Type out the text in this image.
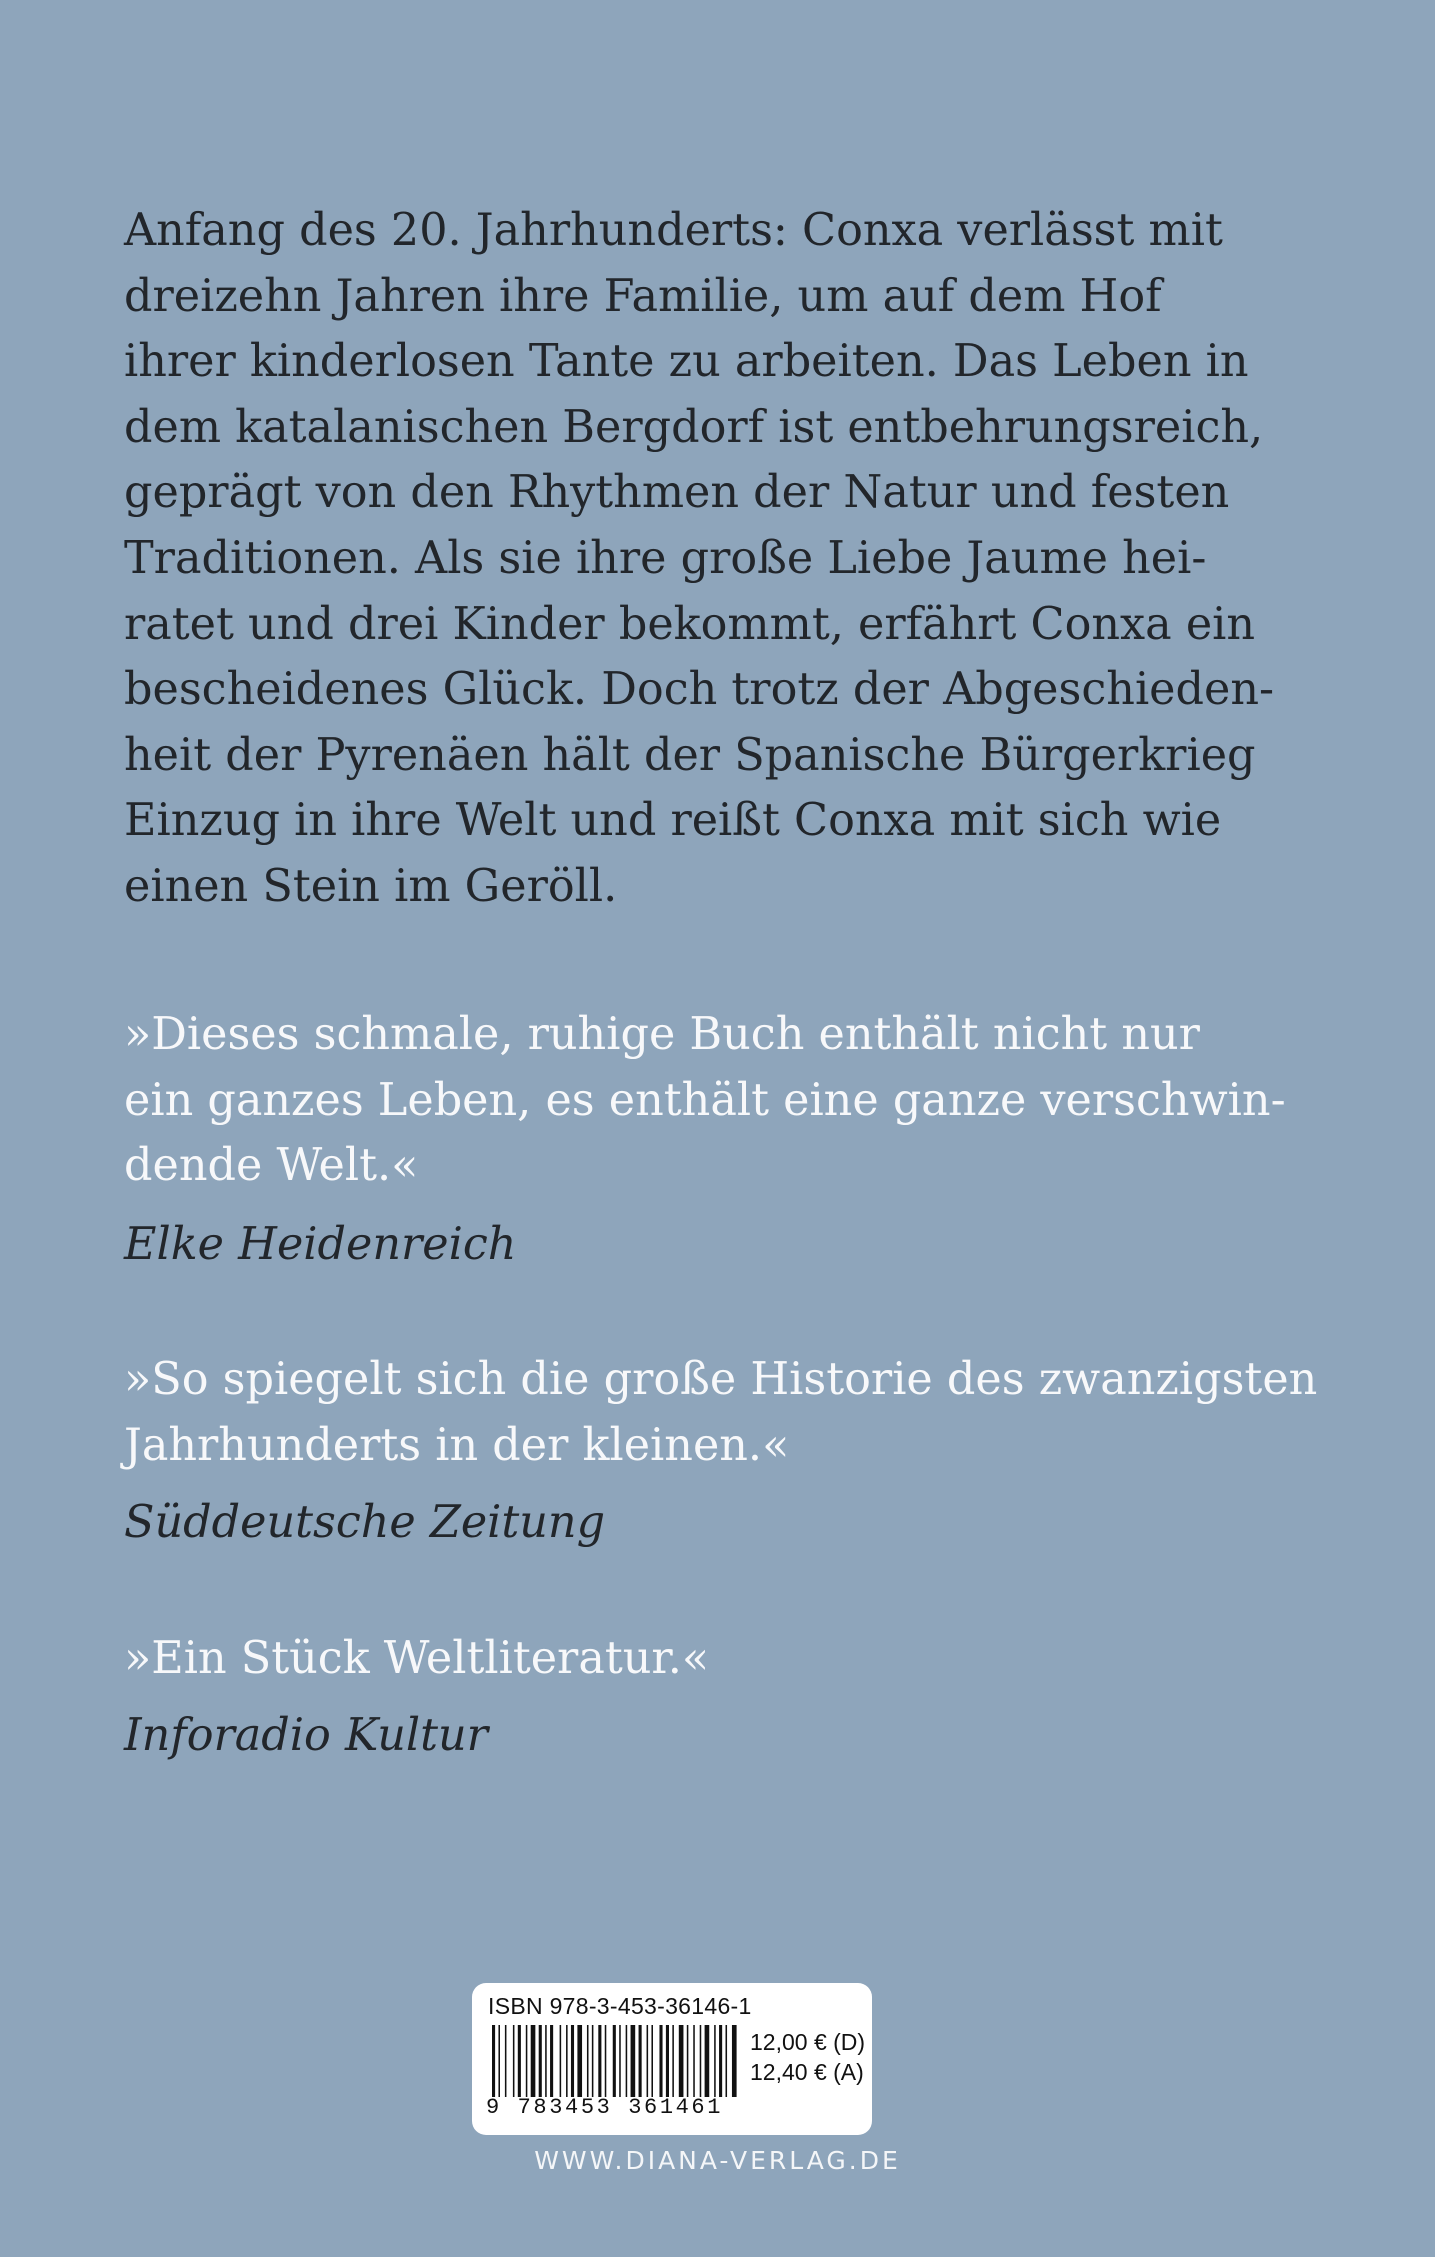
Anfang des 20. Jahrhunderts: Conxa verlässt mit
dreizehn Jahren ihre Familie, um auf dem Hof
ihrer kinderlosen Tante zu arbeiten. Das Leben in
dem katalanischen Bergdorf ist entbehrungsreich,
geprägt von den Rhythmen der Natur und festen
Traditionen. Als sie ihre große Liebe Jaume hei-
ratet und drei Kinder bekommt, erfährt Conxa ein
bescheidenes Glück. Doch trotz der Abgeschieden-
heit der Pyrenäen hält der Spanische Bürgerkrieg
Einzug in ihre Welt und reißt Conxa mit sich wie
einen Stein im Geröll.

»Dieses schmale, ruhige Buch enthält nicht nur
ein ganzes Leben, es enthält eine ganze verschwin-
dende Welt.«

Elke Heidenreich

»So spiegelt sich die große Historie des zwanzigsten
Jahrhunderts in der kleinen.«

Süddeutsche Zeitung

»Ein Stück Weltliteratur.«

Inforadio Kultur

ISBN 978-3-453-36146-1
9 783453 361461
12,00 € (D)
12,40 € (A)
WWW.DIANA-VERLAG.DE
